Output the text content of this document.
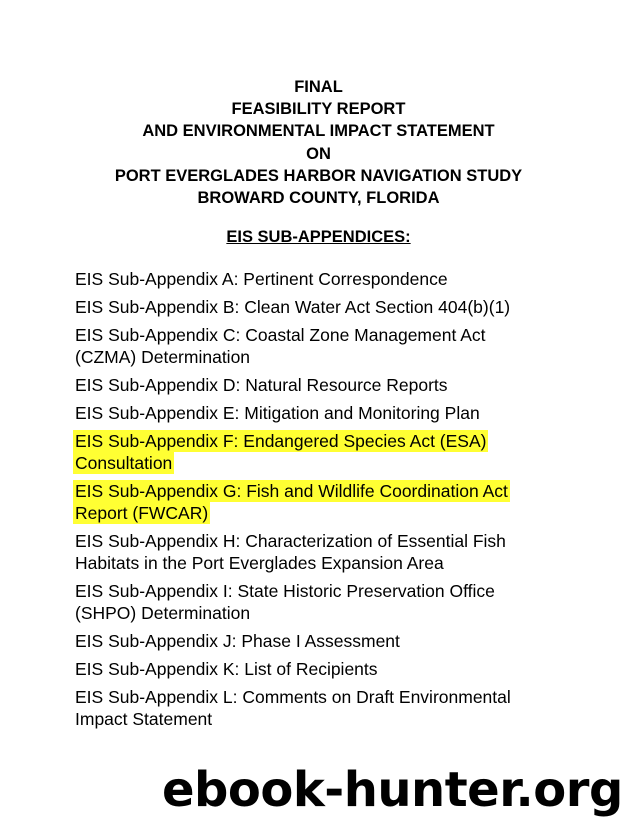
FINAL
FEASIBILITY REPORT
AND ENVIRONMENTAL IMPACT STATEMENT
ON
PORT EVERGLADES HARBOR NAVIGATION STUDY
BROWARD COUNTY, FLORIDA
EIS SUB-APPENDICES:
EIS Sub-Appendix A: Pertinent Correspondence
EIS Sub-Appendix B: Clean Water Act Section 404(b)(1)
EIS Sub-Appendix C: Coastal Zone Management Act
(CZMA) Determination
EIS Sub-Appendix D: Natural Resource Reports
EIS Sub-Appendix E: Mitigation and Monitoring Plan
EIS Sub-Appendix F: Endangered Species Act (ESA)
Consultation
EIS Sub-Appendix G: Fish and Wildlife Coordination Act
Report (FWCAR)
EIS Sub-Appendix H: Characterization of Essential Fish
Habitats in the Port Everglades Expansion Area
EIS Sub-Appendix I: State Historic Preservation Office
(SHPO) Determination
EIS Sub-Appendix J: Phase I Assessment
EIS Sub-Appendix K: List of Recipients
EIS Sub-Appendix L: Comments on Draft Environmental
Impact Statement
ebook-hunter.org
